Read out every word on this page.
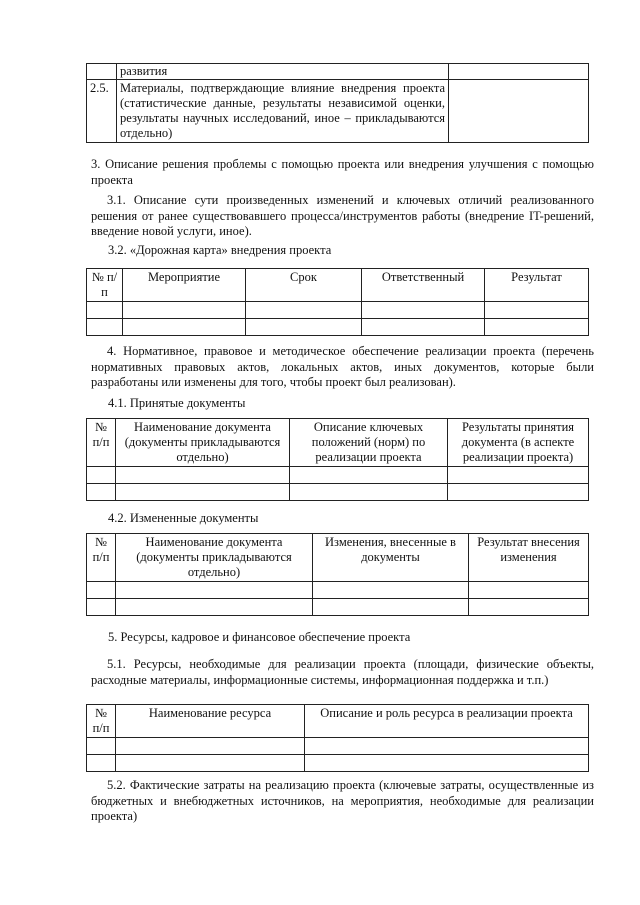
	развития	
2.5.	Материалы, подтверждающие влияние внедрения проекта (статистические данные, результаты независимой оценки, результаты научных исследований, иное – прикладываются отдельно)	
3. Описание решения проблемы с помощью проекта или внедрения улучшения с помощью проекта
3.1. Описание сути произведенных изменений и ключевых отличий реализованного решения от ранее существовавшего процесса/инструментов работы (внедрение IT-решений, введение новой услуги, иное).
3.2. «Дорожная карта» внедрения проекта
№ п/п	Мероприятие	Срок	Ответственный	Результат

4. Нормативное, правовое и методическое обеспечение реализации проекта (перечень нормативных правовых актов, локальных актов, иных документов, которые были разработаны или изменены для того, чтобы проект был реализован).
4.1. Принятые документы
№ п/п	Наименование документа (документы прикладываются отдельно)	Описание ключевых положений (норм) по реализации проекта	Результаты принятия документа (в аспекте реализации проекта)

4.2. Измененные документы
№ п/п	Наименование документа (документы прикладываются отдельно)	Изменения, внесенные в документы	Результат внесения изменения

5. Ресурсы, кадровое и финансовое обеспечение проекта
5.1. Ресурсы, необходимые для реализации проекта (площади, физические объекты, расходные материалы, информационные системы, информационная поддержка и т.п.)
№ п/п	Наименование ресурса	Описание и роль ресурса в реализации проекта

5.2. Фактические затраты на реализацию проекта (ключевые затраты, осуществленные из бюджетных и внебюджетных источников, на мероприятия, необходимые для реализации проекта)
